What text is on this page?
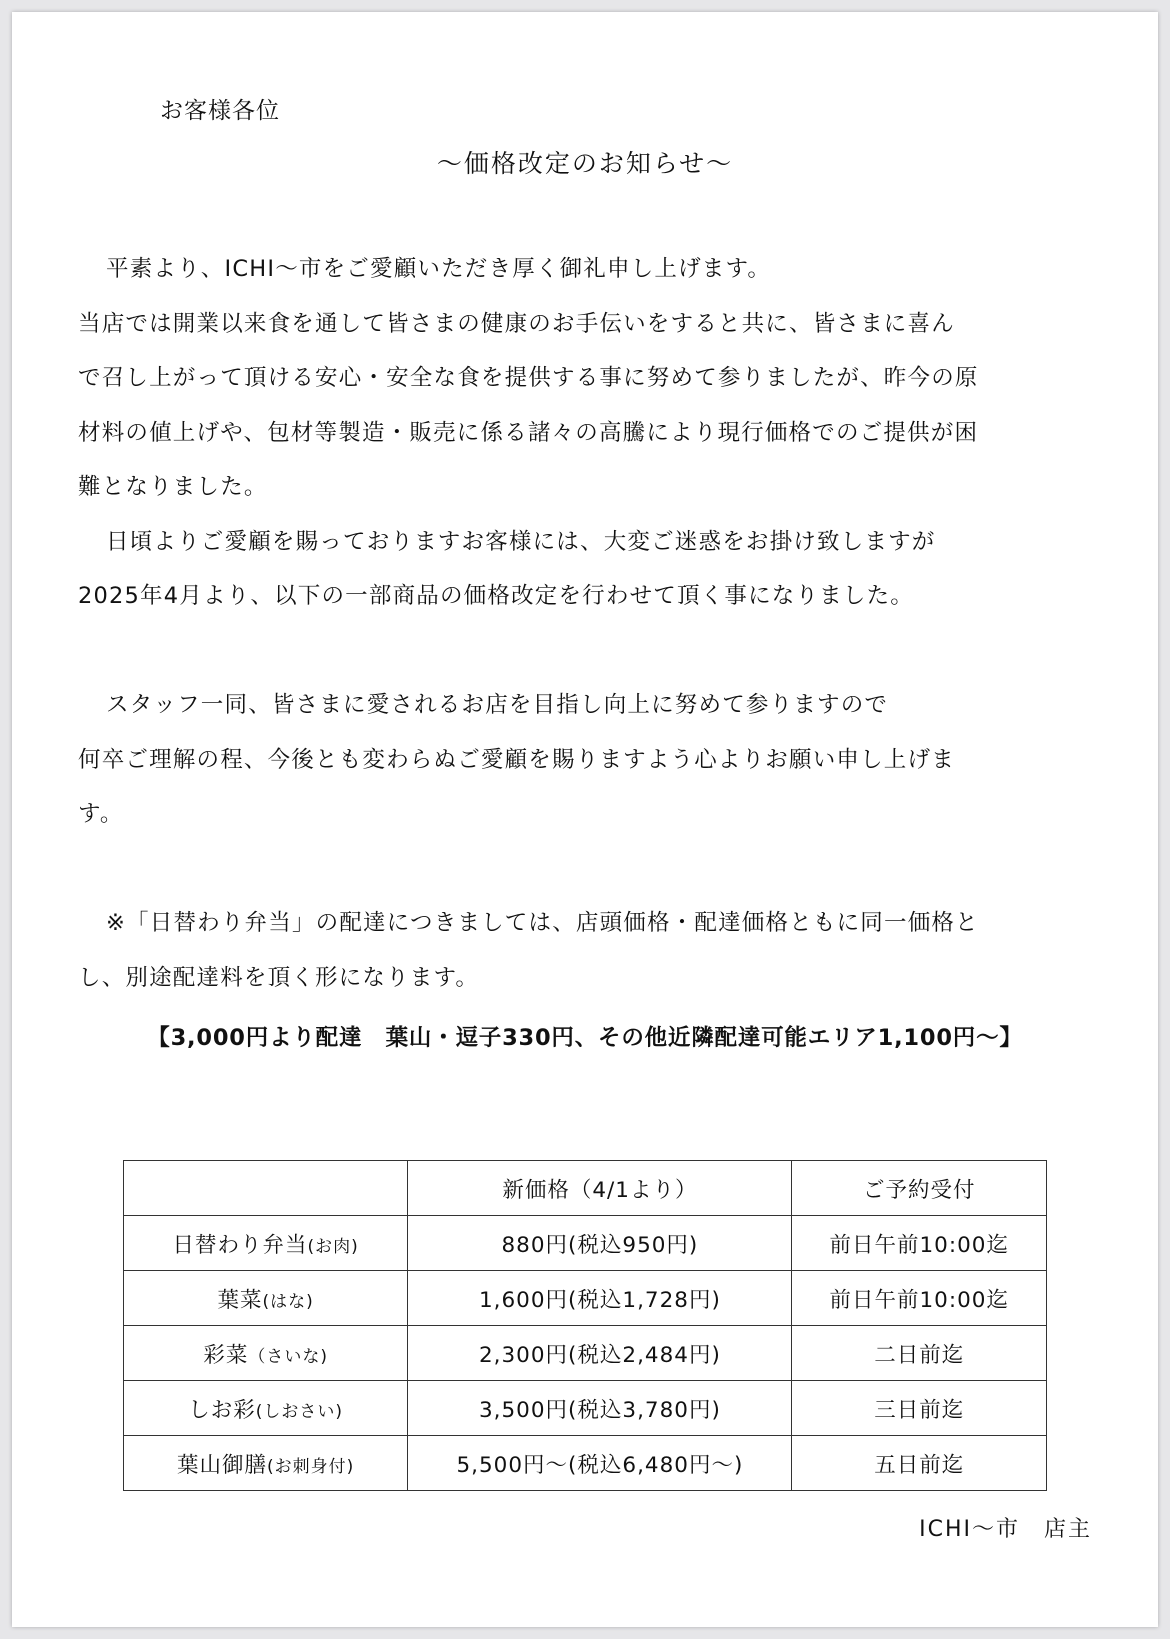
お客様各位
～価格改定のお知らせ～
平素より、ICHI～市をご愛顧いただき厚く御礼申し上げます。
当店では開業以来食を通して皆さまの健康のお手伝いをすると共に、皆さまに喜ん
で召し上がって頂ける安心・安全な食を提供する事に努めて参りましたが、昨今の原
材料の値上げや、包材等製造・販売に係る諸々の高騰により現行価格でのご提供が困
難となりました。
日頃よりご愛顧を賜っておりますお客様には、大変ご迷惑をお掛け致しますが
2025年4月より、以下の一部商品の価格改定を行わせて頂く事になりました。
スタッフ一同、皆さまに愛されるお店を目指し向上に努めて参りますので
何卒ご理解の程、今後とも変わらぬご愛顧を賜りますよう心よりお願い申し上げま
す。
※「日替わり弁当」の配達につきましては、店頭価格・配達価格ともに同一価格と
し、別途配達料を頂く形になります。
【3,000円より配達　葉山・逗子330円、その他近隣配達可能エリア1,100円～】
	新価格（4/1より）	ご予約受付
日替わり弁当(お肉)	880円(税込950円)	前日午前10:00迄
葉菜(はな)	1,600円(税込1,728円)	前日午前10:00迄
彩菜（さいな)	2,300円(税込2,484円)	二日前迄
しお彩(しおさい)	3,500円(税込3,780円)	三日前迄
葉山御膳(お刺身付)	5,500円～(税込6,480円～)	五日前迄
ICHI～市　店主
